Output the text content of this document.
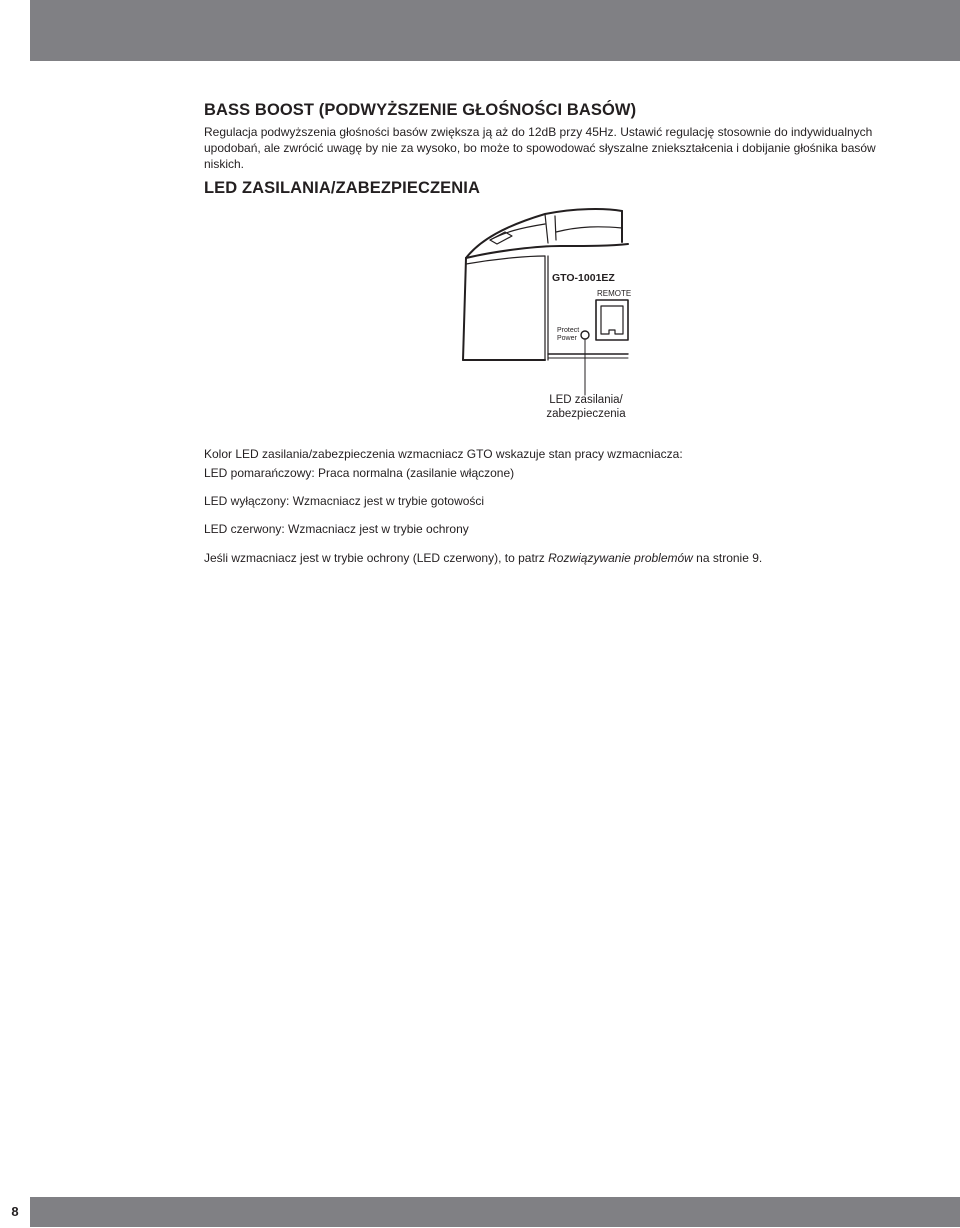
BASS BOOST (PODWYŻSZENIE GŁOŚNOŚCI BASÓW)

Regulacja podwyższenia głośności basów zwiększa ją aż do 12dB przy 45Hz. Ustawić regulację stosownie do indywidualnych upodobań, ale zwrócić uwagę by nie za wysoko, bo może to spowodować słyszalne zniekształcenia i dobijanie głośnika basów niskich.

LED ZASILANIA/ZABEZPIECZENIA
GTO-1001EZ
REMOTE
Protect
Power
LED zasilania/
zabezpieczenia

Kolor LED zasilania/zabezpieczenia wzmacniacz GTO wskazuje stan pracy wzmacniacza:

LED pomarańczowy: Praca normalna (zasilanie włączone)

LED wyłączony: Wzmacniacz jest w trybie gotowości

LED czerwony: Wzmacniacz jest w trybie ochrony

Jeśli wzmacniacz jest w trybie ochrony (LED czerwony), to patrz Rozwiązywanie problemów na stronie 9.

8
